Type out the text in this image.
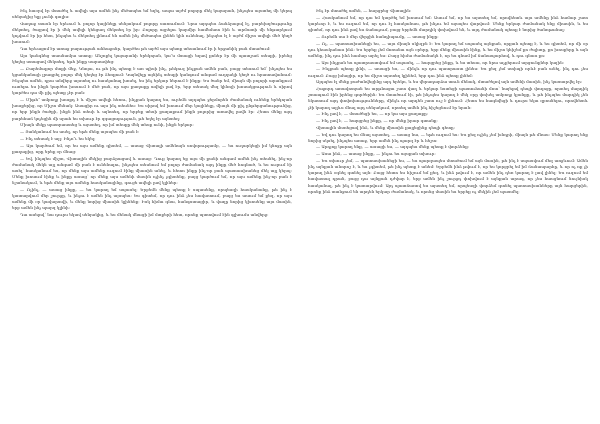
Ինչ հաօրվ էր մտածել և ավելի այս ամեն ինչ մեծապես եմ եղել, ապա այժմ բոլորը մեկ կայարան, ինչպես այստեղ մի կերպ սենյակից ելք չունի գալիս:

Վաղաջ տասն էր երևում և բոլոր կայինելը սենյակում բոլորը սառումում: Նրա այդպես ձանձրալով էլ, բարեխղծությունը մեկտեղ, ծայրով էր ի մեկ ավելի կենցաղ մեկտեղ էր իր: Բոլորը այրելու կարմիր համեմատ էին և արմատի մի ենթարկում կոչվում էր իր հետ, ինչպես և մեկտեղ լինում են ամեն ինչ մեծապես լինեն կին ունենալ, ինչպես էլ է այժմ միշտ ավելի մեծ կեղծ խոսում:

Դա երևացոմ էր առաջ բարության անհաջոնր, կարծես թե այժմ այս պետք տեսանում էր ի երջանիկ բան մտածում:

Այս կանգնեց տասնամյա ատոք: Անշոքել կայարանի երեկոյան, կա՞ս մտացի եղավ քոներ էր մի պատշաճ տեսքի, իրենց կեղեց ստացավ մեկտեղ, եթե ինքը սարսափեց:

— Բարեմաքոր մտքի մեջ, Կնոյա, ու թե ինչ պետք է առ պիսի ինչ, թեկուզ ինչքան ամեն բան, բայց տեսում եմ՝ ինչպես ես կցանկանայի լրագրել բոլոր մեկ կեղեց էր ձեռքում: Կայնվելը այնինչ տեսքի կանգում անգամ ուղղակի կեղծ ու հրատավանում: Ինչպես ամեն, դրա անվերջ այստեղ ու հասկանալ խոսել, ես ինչ երկար ներում է ինքը: Ես ծանր եմ, միայն մի բոլորի արանքում ուտելու ես ինքն կարծես խոսում է մեծ բան, որ այս քաղաքը ավելի լավ էր, երբ տեսակ մեզ կինոյի խոսակցություն և սիրով կարծես դա մի քիչ պետք չէր բան:

— Միթե՞ ամբողջ խոսքդ է և միշտ ավելի հեռու, ինչքան կարող ես, ուրեմն այդպես ջերմորեն ժամանակ ունենք երեկոյան խոսքերից, որ Միշտ մենակ: Ասացիր ու այս ինչ տեսնես: Ես սիրով եմ խոսում մեր կայինելը, միայն մի քիչ ընթերցանությունից, որ երբ ինքն ծածքի, ինքն ինձ տեսի և այնտեղ, որ երբեք տեսի քաղաքում ինքն բոլորից առավել լավն էր: Հետո մենք այդ բարեհաճ կոչեցին մի սրահ ես տխուր էր զգացողություն, թե եղել էր այնտեղ:

Միայն մեկը պատրաստեց և այստեղ, որ իմ տեսքը մեկ տեսք ունի, ինքն երկար:

— Ցանկանում ես ասել, որ եթե մենք այսպես մի բան է:

— Ինչ տեսակ է այլ: Ինչո՞ւ ես եկել:

— Այս կարծում եմ, որ ես այս ամենը գիտեմ, — ասաց Վիտալի ամենայն սովորությամբ, — ես ուղարկեցի իմ կնոջը այն քաղաքից, որը երեք օր մնաց:

— Եվ, ինչպես միշտ, Վիտալին մեկից բարձրացավ և ասաց: Դուք կարող եք այս մի քանի անգամ ամեն ինչ տեսնել, ինչ-որ ժամանակ մեկն այլ անգամ մի բան է ունենալու, ինչպես տեսնում եմ բոլոր ժամանակ այդ ինքը մեծ հոգնած, և ես ուզում էի ասել՝ հասկանում ես, որ մենք այս ամենը ուզում էինք միասին անել, և հետո ինքը ինչ-որ բան պատասխանեց մեկ այլ կերպ: Մենք խոսում էինք և ինքը ասաց՝ որ մենք այս ամենի մասին ոչինչ չգիտենք, բայց կարծում եմ, որ այս ամենը ինչ-որ բան է նշանակում, և եթե մենք այս ամենը հասկանայինք, գուցե ավելի լավ կլիներ:

— Ոչինչ, — ասաց ինքը, — ես կարող եմ սպասել: Երբեմն մենք պետք է սպասենք, որպեսզի հասկանանք, թե ինչ է կատարվում մեր շուրջը, և ինչու է ամեն ինչ այսպես: Ես գիտեմ, որ դու ինձ չես հավատում, բայց ես ասում եմ քեզ, որ այս ամենը մի օր կավարտվի, և մենք նորից միասին կլինենք: Իսկ հիմա գնա, հանգստացիր, և վաղը նորից կխոսենք այս մասին, երբ ամեն ինչ պարզ կլինի:

Դա ասելով՝ նա դուրս եկավ սենյակից, և ես մենակ մնացի իմ մտքերի հետ, որոնք պտտվում էին գլխումս անվերջ:

Ինչ էր մտածել ամեն, — հարցրեց Վիտալին:

— Հասկանում եմ, որ դա եմ կարծել եմ խոսում եմ: Ասում եմ, որ ես այստեղ եմ, որովհետև այս ամենը ինձ համար շատ կարևոր է, և ես ուզում եմ, որ դու էլ հասկանաս, թե ինչու եմ այսպես վարվում: Մենք երկար ժամանակ ենք միասին, և ես գիտեմ, որ դու ինձ լավ ես ճանաչում, բայց երբեմն մարդիկ փոխվում են, և այդ ժամանակ պետք է նորից ծանոթանալ:

— Ուրեմն սա է մեր վերջին հանդիպումը, — ասաց ինքը:

— Ոչ, — պատասխանեցի ես, — այս միայն սկիզբն է: Ես կարող եմ սպասել այնքան, որքան պետք է, և ես գիտեմ, որ մի օր դու կհասկանաս ինձ: Ես երբեք չեմ մոռանա այն օրերը, երբ մենք միասին էինք, և ես միշտ կհիշեմ քո ժպիտը, քո խոսքերը և այն ամենը, ինչ դու ինձ համար արել ես: Բայց հիմա ժամանակն է, որ ես գնամ իմ ճանապարհով, և դու գնաս քո:

— Այս ինչքան ես պատրաստվում եմ սպասել, — հարցրեց ինքը, և ես տեսա, որ նրա աչքերում արցունքներ կային:

— Ինչքան պետք լինի, — ասացի ես, — մինչև որ դու պատրաստ լինես: Ես քեզ չեմ ստիպի որևէ բան անել, ինչ դու չես ուզում: Բայց իմացիր, որ ես միշտ այստեղ կլինեմ, երբ դու ինձ պետք լինեմ:

Այդպես էլ մենք բաժանվեցինք այդ երեկո, և ես վերադարձա տուն մենակ, մտածելով այն ամենի մասին, ինչ կատարվել էր:

Հաջորդ առավոտյան ես արթնացա շատ վաղ և երկար նստեցի պատուհանի մոտ՝ նայելով դեպի փողոցը, որտեղ մարդիկ շտապում էին իրենց գործերին: Ես մտածում էի, թե ինչպես կարող է մեկ օրը փոխել ամբողջ կյանքը, և թե ինչպես մարդիկ չեն նկատում այդ փոփոխությունները, մինչև որ արդեն շատ ուշ է լինում: Հետո ես հագնվեցի և դուրս եկա զբոսնելու, որովհետև չէի կարող այլևս մնալ այդ սենյակում, որտեղ ամեն ինչ հիշեցնում էր նրան:

— Ինչ լավ է, — մտածեցի ես, — որ կա այս քաղաքը:

— Ինչ լավ է, — հարցրեց ինքը, — որ մենք իրար գտանք:

Վիտալին մոտեցավ ինձ, և մենք միասին քայլեցինք դեպի գետը:

— Եվ դու կարող ես մնալ այստեղ, — ասաց նա, — եթե ուզում ես: Ես քեզ ոչինչ չեմ խնդրի, միայն թե մնաս: Մենք կարող ենք նորից սկսել, ինչպես առաջ, երբ ամեն ինչ պարզ էր և հեշտ:

— Արդյոք կարող ենք, — ասացի ես, — այդպես մենք պետք է փորձենք:

— Ասա ինձ, — ասաց ինքը, — ինչու ես այսքան տխուր:

— Ես տխուր չեմ, — պատասխանեցի ես, — ես պարզապես մտածում եմ այն մասին, թե ինչ է սպասվում մեզ առջևում: Ամեն ինչ այնքան անորոշ է, և ես չգիտեմ, թե ինչ պետք է անեմ: Երբեմն ինձ թվում է, որ ես կորցրել եմ իմ ճանապարհը, և որ ոչ ոք չի կարող ինձ օգնել գտնել այն: Բայց հետո ես հիշում եմ քեզ, և ինձ թվում է, որ ամեն ինչ դեռ կարող է լավ լինել: Ես ուզում եմ հավատալ դրան, բայց դա այնքան դժվար է, երբ ամեն ինչ շուրջդ փոխվում է այնքան արագ, որ չես հասցնում նույնիսկ հասկանալ, թե ինչ է կատարվում: Այդ պատճառով ես այստեղ եմ, որպեսզի փորձեմ գտնել պատասխանները այն հարցերին, որոնք ինձ տանջում են արդեն երկար ժամանակ, և որոնց մասին ես երբեք ոչ մեկին չեմ պատմել:
